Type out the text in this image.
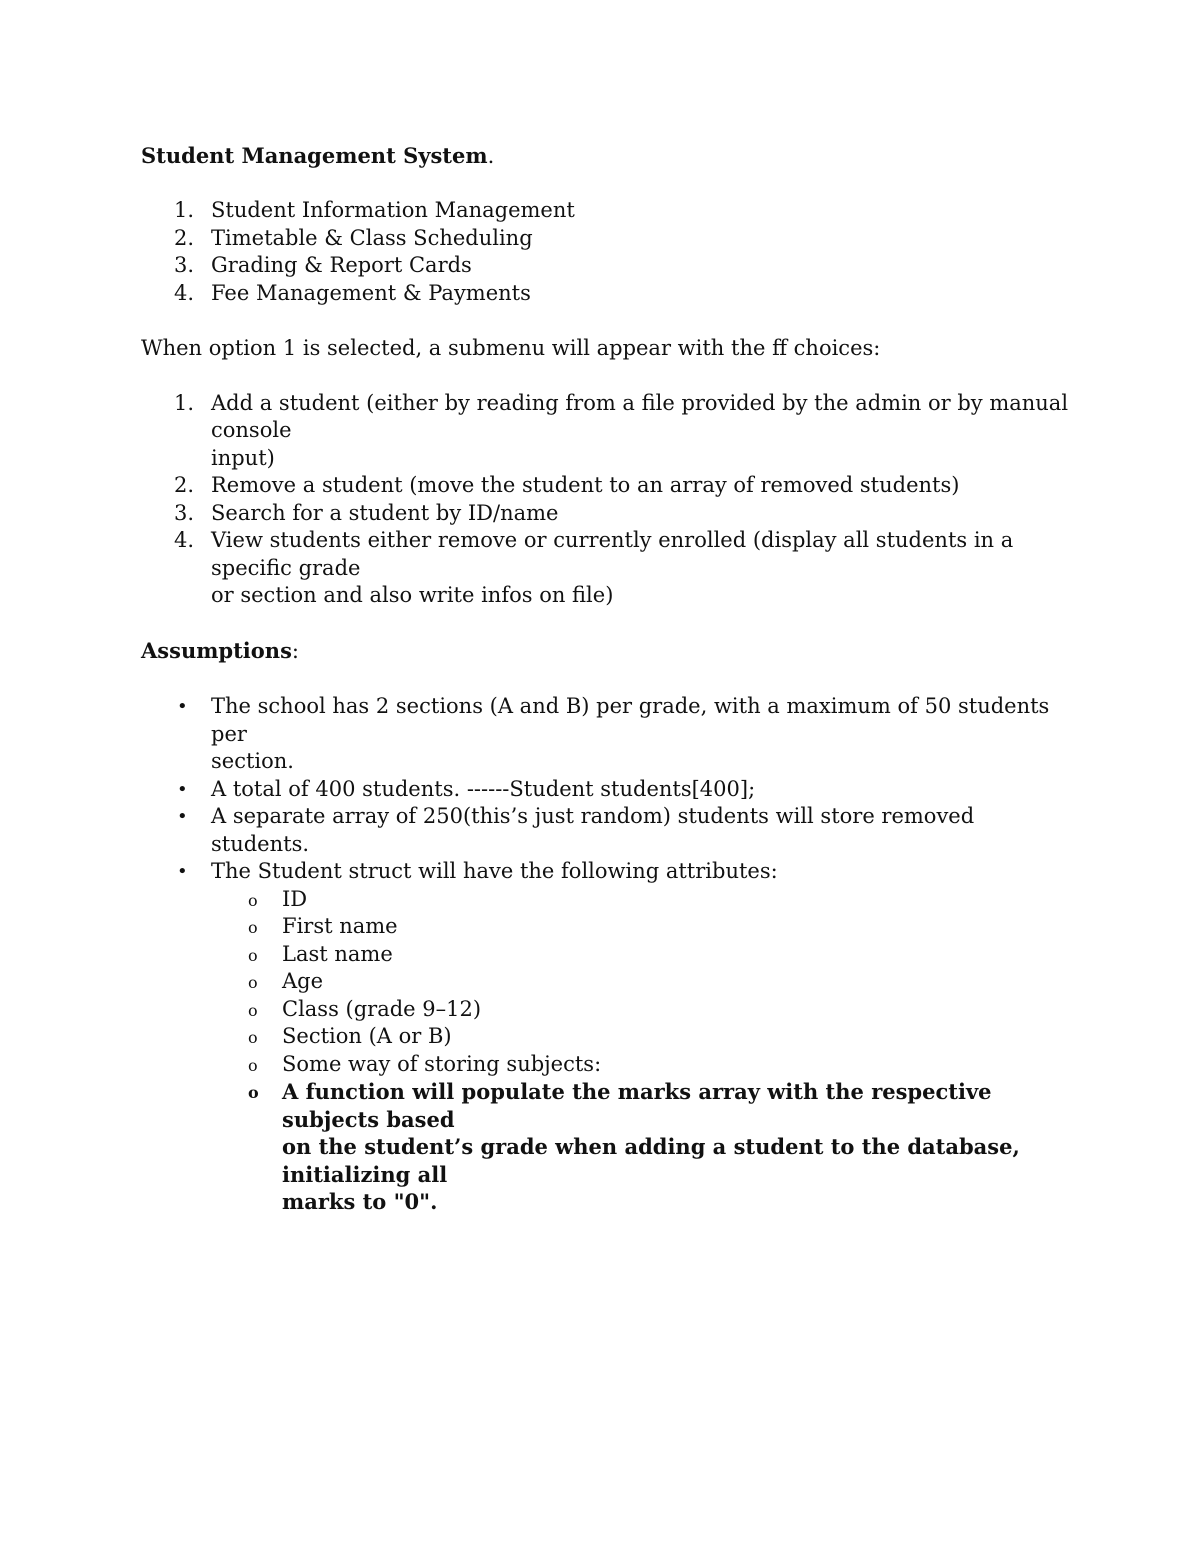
Student Management System.

1. Student Information Management
2. Timetable & Class Scheduling
3. Grading & Report Cards
4. Fee Management & Payments

When option 1 is selected, a submenu will appear with the ff choices:

1. Add a student (either by reading from a file provided by the admin or by manual console
input)
2. Remove a student (move the student to an array of removed students)
3. Search for a student by ID/name
4. View students either remove or currently enrolled (display all students in a specific grade
or section and also write infos on file)

Assumptions:

• The school has 2 sections (A and B) per grade, with a maximum of 50 students per
section.
• A total of 400 students. ------Student students[400];
• A separate array of 250(this’s just random) students will store removed students.
• The Student struct will have the following attributes:
o ID
o First name
o Last name
o Age
o Class (grade 9–12)
o Section (A or B)
o Some way of storing subjects:
o A function will populate the marks array with the respective subjects based
on the student’s grade when adding a student to the database, initializing all
marks to "0".
